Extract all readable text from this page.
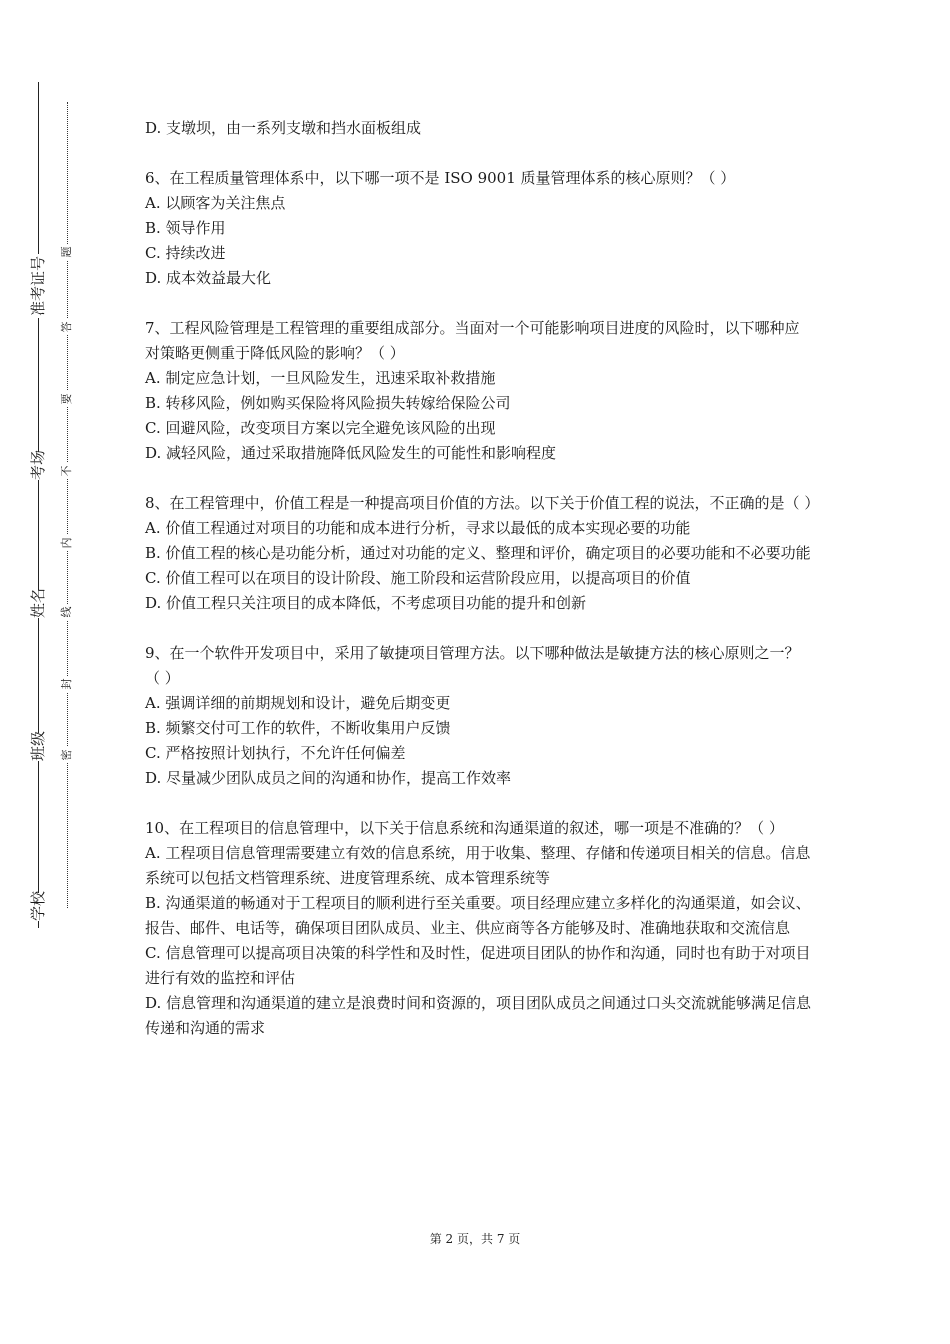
准考证号
考场
姓名
班级
学校
题
答
要
不
内
线
封
密

D. 支墩坝，由一系列支墩和挡水面板组成

6、在工程质量管理体系中，以下哪一项不是 ISO 9001 质量管理体系的核心原则？（ ）

A. 以顾客为关注焦点

B. 领导作用

C. 持续改进

D. 成本效益最大化

7、工程风险管理是工程管理的重要组成部分。当面对一个可能影响项目进度的风险时，以下哪种应对策略更侧重于降低风险的影响？（ ）

A. 制定应急计划，一旦风险发生，迅速采取补救措施

B. 转移风险，例如购买保险将风险损失转嫁给保险公司

C. 回避风险，改变项目方案以完全避免该风险的出现

D. 减轻风险，通过采取措施降低风险发生的可能性和影响程度

8、在工程管理中，价值工程是一种提高项目价值的方法。以下关于价值工程的说法，不正确的是（ ）

A. 价值工程通过对项目的功能和成本进行分析，寻求以最低的成本实现必要的功能

B. 价值工程的核心是功能分析，通过对功能的定义、整理和评价，确定项目的必要功能和不必要功能

C. 价值工程可以在项目的设计阶段、施工阶段和运营阶段应用，以提高项目的价值

D. 价值工程只关注项目的成本降低，不考虑项目功能的提升和创新

9、在一个软件开发项目中，采用了敏捷项目管理方法。以下哪种做法是敏捷方法的核心原则之一？（ ）

A. 强调详细的前期规划和设计，避免后期变更

B. 频繁交付可工作的软件，不断收集用户反馈

C. 严格按照计划执行，不允许任何偏差

D. 尽量减少团队成员之间的沟通和协作，提高工作效率

10、在工程项目的信息管理中，以下关于信息系统和沟通渠道的叙述，哪一项是不准确的？（ ）

A. 工程项目信息管理需要建立有效的信息系统，用于收集、整理、存储和传递项目相关的信息。信息系统可以包括文档管理系统、进度管理系统、成本管理系统等

B. 沟通渠道的畅通对于工程项目的顺利进行至关重要。项目经理应建立多样化的沟通渠道，如会议、报告、邮件、电话等，确保项目团队成员、业主、供应商等各方能够及时、准确地获取和交流信息

C. 信息管理可以提高项目决策的科学性和及时性，促进项目团队的协作和沟通，同时也有助于对项目进行有效的监控和评估

D. 信息管理和沟通渠道的建立是浪费时间和资源的，项目团队成员之间通过口头交流就能够满足信息传递和沟通的需求

第 2 页，共 7 页
